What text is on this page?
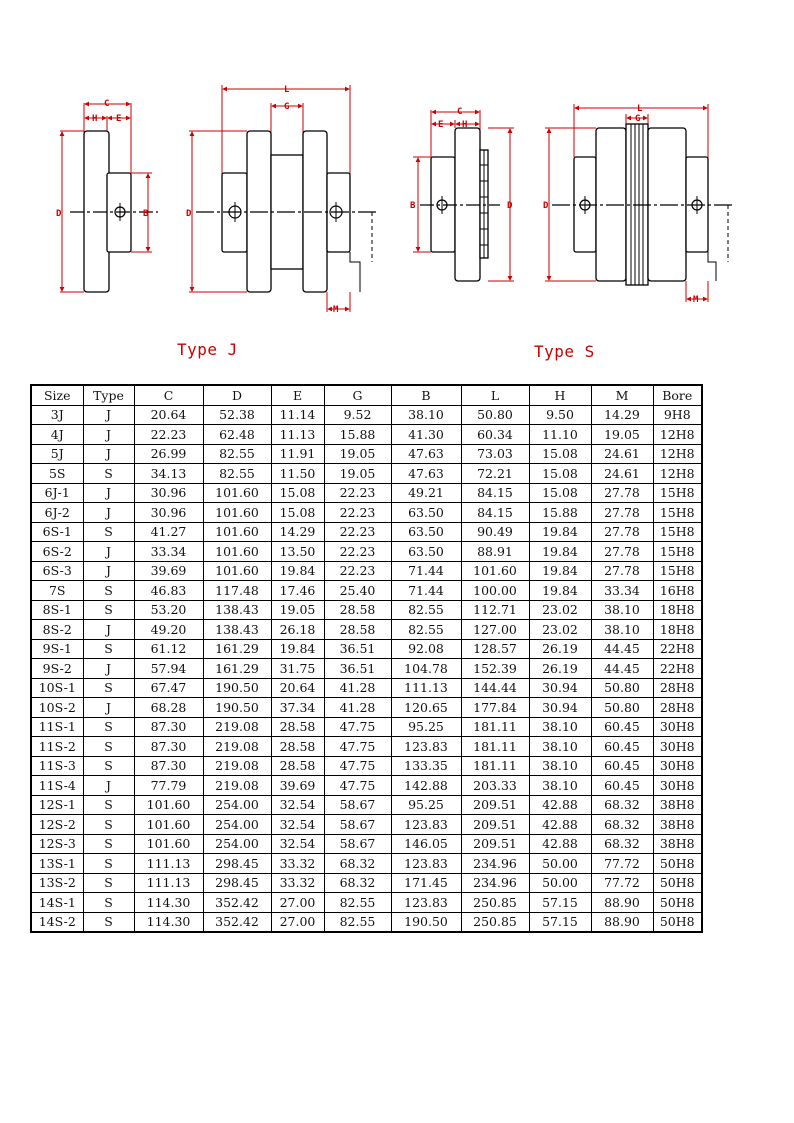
C
H E
D	B
L
G
D
M
C
E H
B	D
L
G
D
M
Type J	Type S
Size	Type	C	D	E	G	B	L	H	M	Bore
3J	J	20.64	52.38	11.14	9.52	38.10	50.80	9.50	14.29	9H8
4J	J	22.23	62.48	11.13	15.88	41.30	60.34	11.10	19.05	12H8
5J	J	26.99	82.55	11.91	19.05	47.63	73.03	15.08	24.61	12H8
5S	S	34.13	82.55	11.50	19.05	47.63	72.21	15.08	24.61	12H8
6J-1	J	30.96	101.60	15.08	22.23	49.21	84.15	15.08	27.78	15H8
6J-2	J	30.96	101.60	15.08	22.23	63.50	84.15	15.88	27.78	15H8
6S-1	S	41.27	101.60	14.29	22.23	63.50	90.49	19.84	27.78	15H8
6S-2	J	33.34	101.60	13.50	22.23	63.50	88.91	19.84	27.78	15H8
6S-3	J	39.69	101.60	19.84	22.23	71.44	101.60	19.84	27.78	15H8
7S	S	46.83	117.48	17.46	25.40	71.44	100.00	19.84	33.34	16H8
8S-1	S	53.20	138.43	19.05	28.58	82.55	112.71	23.02	38.10	18H8
8S-2	J	49.20	138.43	26.18	28.58	82.55	127.00	23.02	38.10	18H8
9S-1	S	61.12	161.29	19.84	36.51	92.08	128.57	26.19	44.45	22H8
9S-2	J	57.94	161.29	31.75	36.51	104.78	152.39	26.19	44.45	22H8
10S-1	S	67.47	190.50	20.64	41.28	111.13	144.44	30.94	50.80	28H8
10S-2	J	68.28	190.50	37.34	41.28	120.65	177.84	30.94	50.80	28H8
11S-1	S	87.30	219.08	28.58	47.75	95.25	181.11	38.10	60.45	30H8
11S-2	S	87.30	219.08	28.58	47.75	123.83	181.11	38.10	60.45	30H8
11S-3	S	87.30	219.08	28.58	47.75	133.35	181.11	38.10	60.45	30H8
11S-4	J	77.79	219.08	39.69	47.75	142.88	203.33	38.10	60.45	30H8
12S-1	S	101.60	254.00	32.54	58.67	95.25	209.51	42.88	68.32	38H8
12S-2	S	101.60	254.00	32.54	58.67	123.83	209.51	42.88	68.32	38H8
12S-3	S	101.60	254.00	32.54	58.67	146.05	209.51	42.88	68.32	38H8
13S-1	S	111.13	298.45	33.32	68.32	123.83	234.96	50.00	77.72	50H8
13S-2	S	111.13	298.45	33.32	68.32	171.45	234.96	50.00	77.72	50H8
14S-1	S	114.30	352.42	27.00	82.55	123.83	250.85	57.15	88.90	50H8
14S-2	S	114.30	352.42	27.00	82.55	190.50	250.85	57.15	88.90	50H8
